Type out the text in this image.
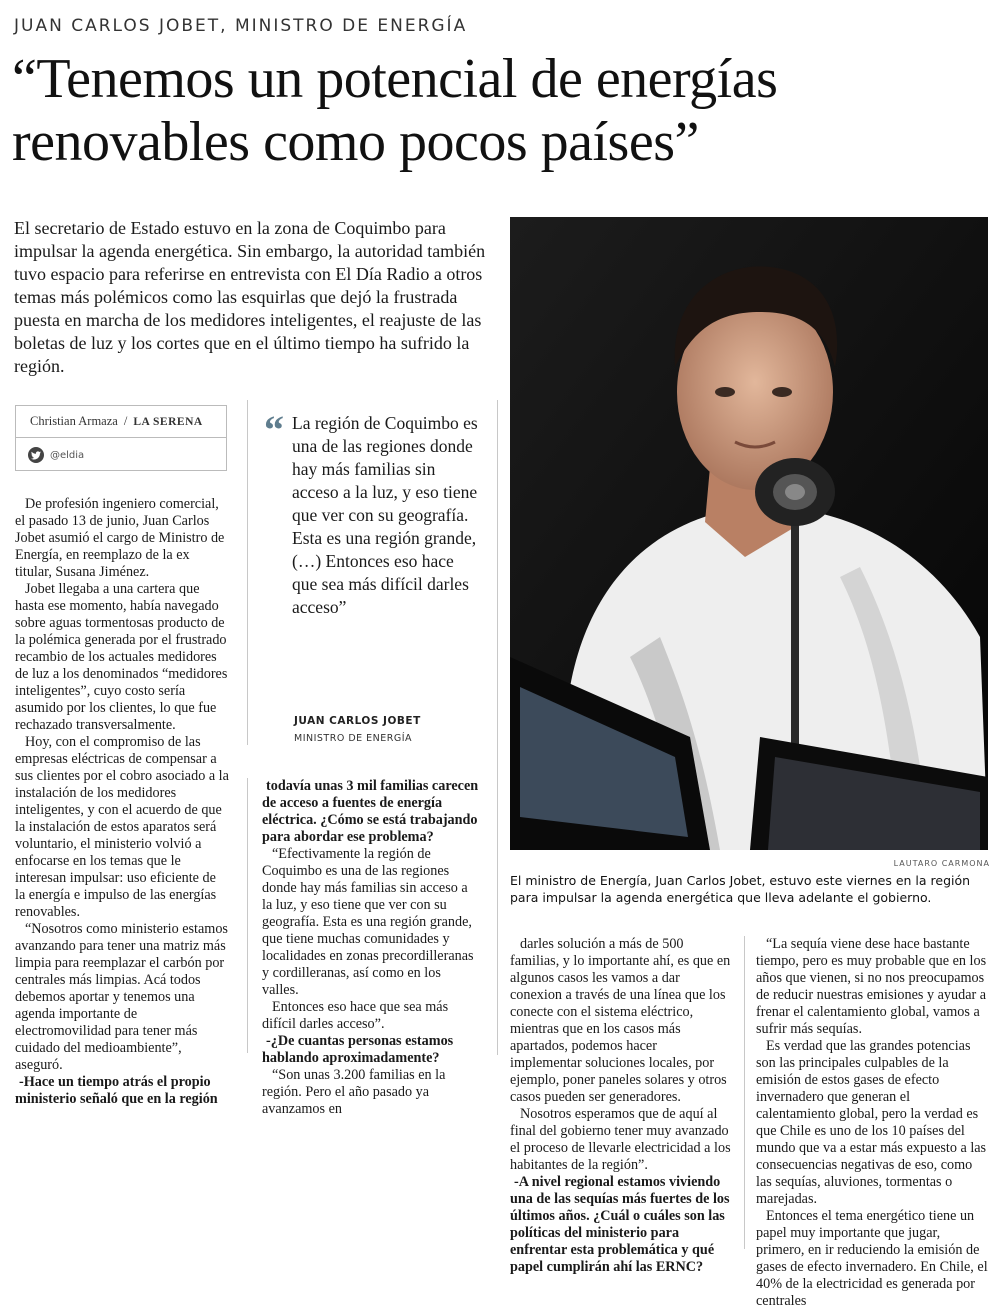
JUAN CARLOS JOBET, MINISTRO DE ENERGÍA
“Tenemos un potencial de energías
renovables como pocos países”

El secretario de Estado estuvo en la zona de Coquimbo para impulsar la agenda energética. Sin embargo, la autoridad también tuvo espacio para referirse en entrevista con El Día Radio a otros temas más polémicos como las esquirlas que dejó la frustrada puesta en marcha de los medidores inteligentes, el reajuste de las boletas de luz y los cortes que en el último tiempo ha sufrido la región.

Christian Armaza / LA SERENA
@eldia

De profesión ingeniero comercial, el pasado 13 de junio, Juan Carlos Jobet asumió el cargo de Ministro de Energía, en reemplazo de la ex titular, Susana Jiménez.

Jobet llegaba a una cartera que hasta ese momento, había navegado sobre aguas tormentosas producto de la polémica generada por el frustrado recambio de los actuales medidores de luz a los denominados “medidores inteligentes”, cuyo costo sería asumido por los clientes, lo que fue rechazado transversalmente.

Hoy, con el compromiso de las empresas eléctricas de compensar a sus clientes por el cobro asociado a la instalación de los medidores inteligentes, y con el acuerdo de que la instalación de estos aparatos será voluntario, el ministerio volvió a enfocarse en los temas que le interesan impulsar: uso eficiente de la energía e impulso de las energías renovables.

“Nosotros como ministerio estamos avanzando para tener una matriz más limpia para reemplazar el carbón por centrales más limpias. Acá todos debemos aportar y tenemos una agenda importante de electromovilidad para tener más cuidado del medioambiente”, aseguró.

-Hace un tiempo atrás el propio ministerio señaló que en la región

“ La región de Coquimbo es una de las regiones donde hay más familias sin acceso a la luz, y eso tiene que ver con su geografía. Esta es una región grande, (…) Entonces eso hace que sea más difícil darles acceso”
JUAN CARLOS JOBET
MINISTRO DE ENERGÍA

todavía unas 3 mil familias carecen de acceso a fuentes de energía eléctrica. ¿Cómo se está trabajando para abordar ese problema?

“Efectivamente la región de Coquimbo es una de las regiones donde hay más familias sin acceso a la luz, y eso tiene que ver con su geografía. Esta es una región grande, que tiene muchas comunidades y localidades en zonas precordilleranas y cordilleranas, así como en los valles.

Entonces eso hace que sea más difícil darles acceso”.

-¿De cuantas personas estamos hablando aproximadamente?

“Son unas 3.200 familias en la región. Pero el año pasado ya avanzamos en

LAUTARO CARMONA
El ministro de Energía, Juan Carlos Jobet, estuvo este viernes en la región para impulsar la agenda energética que lleva adelante el gobierno.

darles solución a más de 500 familias, y lo importante ahí, es que en algunos casos les vamos a dar conexion a través de una línea que los conecte con el sistema eléctrico, mientras que en los casos más apartados, podemos hacer implementar soluciones locales, por ejemplo, poner paneles solares y otros casos pueden ser generadores.

Nosotros esperamos que de aquí al final del gobierno tener muy avanzado el proceso de llevarle electricidad a los habitantes de la región”.

-A nivel regional estamos viviendo una de las sequías más fuertes de los últimos años. ¿Cuál o cuáles son las políticas del ministerio para enfrentar esta problemática y qué papel cumplirán ahí las ERNC?

“La sequía viene dese hace bastante tiempo, pero es muy probable que en los años que vienen, si no nos preocupamos de reducir nuestras emisiones y ayudar a frenar el calentamiento global, vamos a sufrir más sequías.

Es verdad que las grandes potencias son las principales culpables de la emisión de estos gases de efecto invernadero que generan el calentamiento global, pero la verdad es que Chile es uno de los 10 países del mundo que va a estar más expuesto a las consecuencias negativas de eso, como las sequías, aluviones, tormentas o marejadas.

Entonces el tema energético tiene un papel muy importante que jugar, primero, en ir reduciendo la emisión de gases de efecto invernadero. En Chile, el 40% de la electricidad es generada por centrales
